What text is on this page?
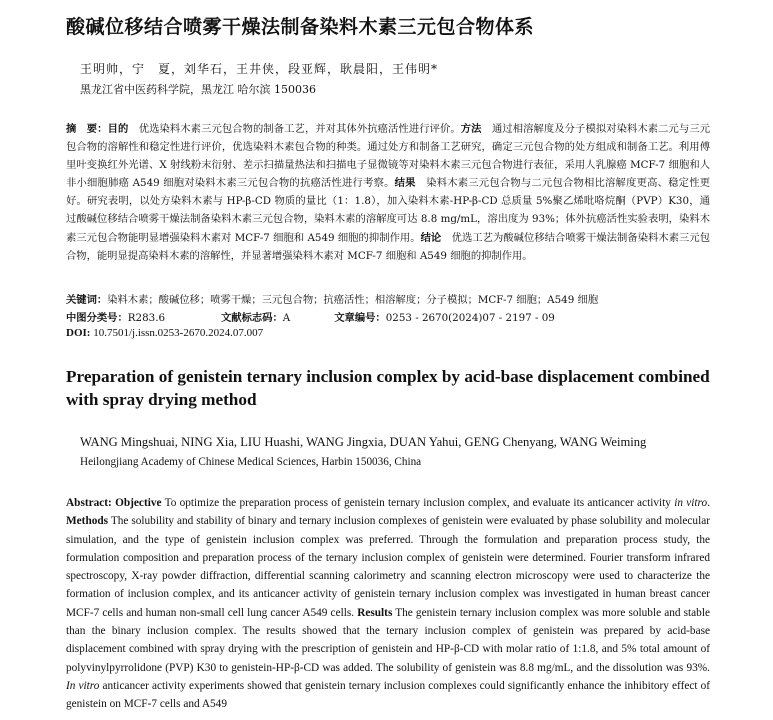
酸碱位移结合喷雾干燥法制备染料木素三元包合物体系
王明帅，宁　夏，刘华石，王井侠，段亚辉，耿晨阳，王伟明*
黑龙江省中医药科学院，黑龙江 哈尔滨 150036
摘　要：目的　优选染料木素三元包合物的制备工艺，并对其体外抗癌活性进行评价。方法　通过相溶解度及分子模拟对染料木素二元与三元包合物的溶解性和稳定性进行评价，优选染料木素包合物的种类。通过处方和制备工艺研究，确定三元包合物的处方组成和制备工艺。利用傅里叶变换红外光谱、X 射线粉末衍射、差示扫描量热法和扫描电子显微镜等对染料木素三元包合物进行表征，采用人乳腺癌 MCF-7 细胞和人非小细胞肺癌 A549 细胞对染料木素三元包合物的抗癌活性进行考察。结果　染料木素三元包合物与二元包合物相比溶解度更高、稳定性更好。研究表明，以处方染料木素与 HP-β-CD 物质的量比（1：1.8），加入染料木素-HP-β-CD 总质量 5%聚乙烯吡咯烷酮（PVP）K30，通过酸碱位移结合喷雾干燥法制备染料木素三元包合物，染料木素的溶解度可达 8.8 mg/mL，溶出度为 93%；体外抗癌活性实验表明，染料木素三元包合物能明显增强染料木素对 MCF-7 细胞和 A549 细胞的抑制作用。结论　优选工艺为酸碱位移结合喷雾干燥法制备染料木素三元包合物，能明显提高染料木素的溶解性，并显著增强染料木素对 MCF-7 细胞和 A549 细胞的抑制作用。
关键词：染料木素；酸碱位移；喷雾干燥；三元包合物；抗癌活性；相溶解度；分子模拟；MCF-7 细胞；A549 细胞
中图分类号：R283.6	文献标志码：A	文章编号：0253 - 2670(2024)07 - 2197 - 09
DOI: 10.7501/j.issn.0253-2670.2024.07.007
Preparation of genistein ternary inclusion complex by acid-base displacement combined with spray drying method
WANG Mingshuai, NING Xia, LIU Huashi, WANG Jingxia, DUAN Yahui, GENG Chenyang, WANG Weiming
Heilongjiang Academy of Chinese Medical Sciences, Harbin 150036, China
Abstract: Objective To optimize the preparation process of genistein ternary inclusion complex, and evaluate its anticancer activity in vitro. Methods The solubility and stability of binary and ternary inclusion complexes of genistein were evaluated by phase solubility and molecular simulation, and the type of genistein inclusion complex was preferred. Through the formulation and preparation process study, the formulation composition and preparation process of the ternary inclusion complex of genistein were determined. Fourier transform infrared spectroscopy, X-ray powder diffraction, differential scanning calorimetry and scanning electron microscopy were used to characterize the formation of inclusion complex, and its anticancer activity of genistein ternary inclusion complex was investigated in human breast cancer MCF-7 cells and human non-small cell lung cancer A549 cells. Results The genistein ternary inclusion complex was more soluble and stable than the binary inclusion complex. The results showed that the ternary inclusion complex of genistein was prepared by acid-base displacement combined with spray drying with the prescription of genistein and HP-β-CD with molar ratio of 1:1.8, and 5% total amount of polyvinylpyrrolidone (PVP) K30 to genistein-HP-β-CD was added. The solubility of genistein was 8.8 mg/mL, and the dissolution was 93%. In vitro anticancer activity experiments showed that genistein ternary inclusion complexes could significantly enhance the inhibitory effect of genistein on MCF-7 cells and A549
